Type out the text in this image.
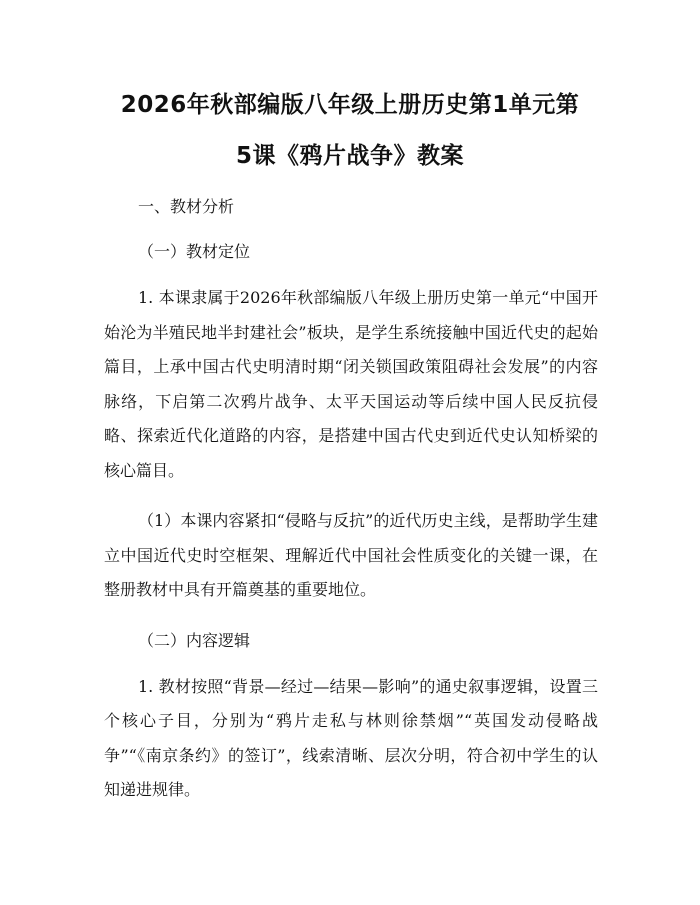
2026年秋部编版八年级上册历史第1单元第
5课《鸦片战争》教案
一、教材分析
（一）教材定位

1. 本课隶属于2026年秋部编版八年级上册历史第一单元“中国开始沦为半殖民地半封建社会”板块，是学生系统接触中国近代史的起始篇目，上承中国古代史明清时期“闭关锁国政策阻碍社会发展”的内容脉络，下启第二次鸦片战争、太平天国运动等后续中国人民反抗侵略、探索近代化道路的内容，是搭建中国古代史到近代史认知桥梁的核心篇目。

（1）本课内容紧扣“侵略与反抗”的近代历史主线，是帮助学生建立中国近代史时空框架、理解近代中国社会性质变化的关键一课，在整册教材中具有开篇奠基的重要地位。

（二）内容逻辑

1. 教材按照“背景—经过—结果—影响”的通史叙事逻辑，设置三个核心子目，分别为“鸦片走私与林则徐禁烟”“英国发动侵略战争”“《南京条约》的签订”，线索清晰、层次分明，符合初中学生的认知递进规律。
